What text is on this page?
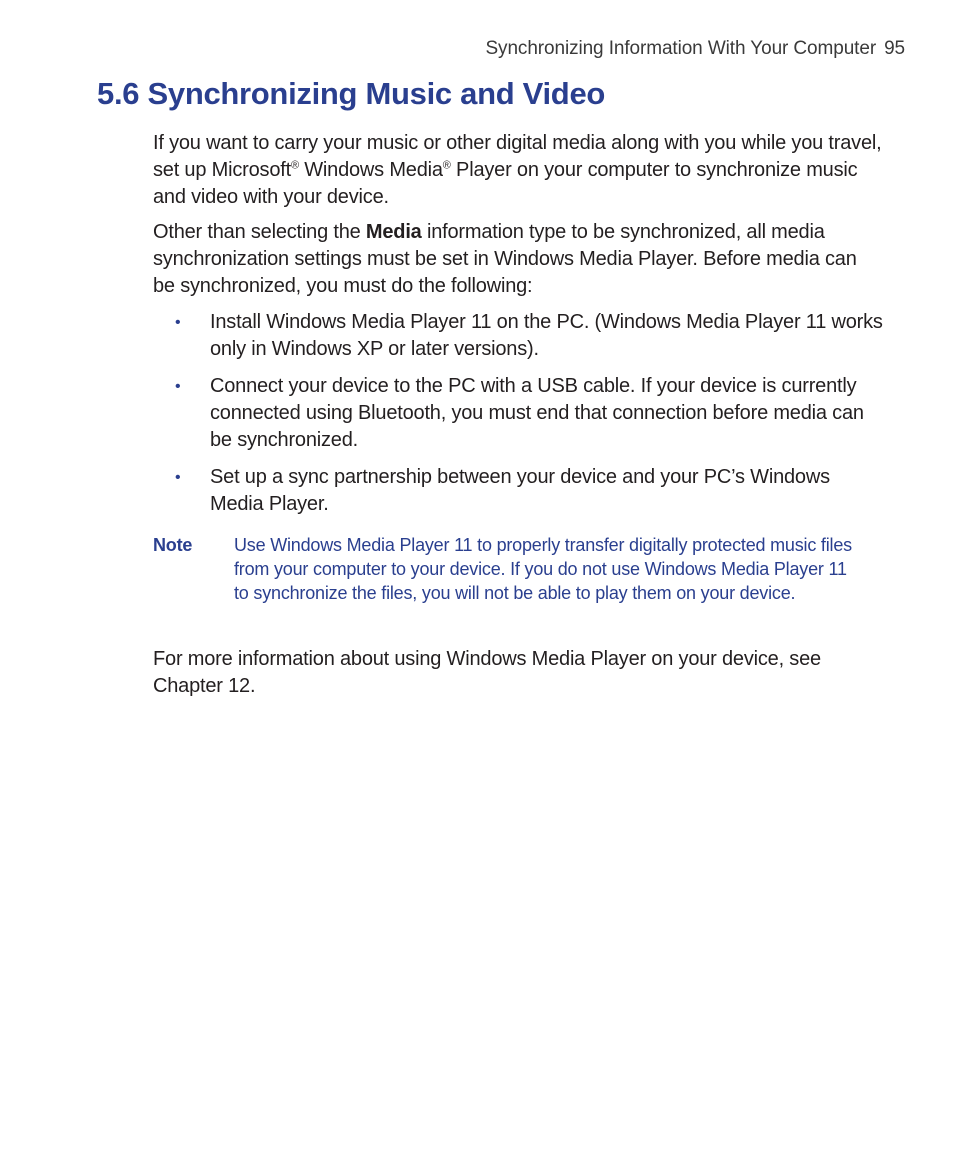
Synchronizing Information With Your Computer 95
5.6 Synchronizing Music and Video

If you want to carry your music or other digital media along with you while you travel, set up Microsoft® Windows Media® Player on your computer to synchronize music and video with your device.

Other than selecting the Media information type to be synchronized, all media synchronization settings must be set in Windows Media Player. Before media can be synchronized, you must do the following:

• Install Windows Media Player 11 on the PC. (Windows Media Player 11 works only in Windows XP or later versions).
• Connect your device to the PC with a USB cable. If your device is currently connected using Bluetooth, you must end that connection before media can be synchronized.
• Set up a sync partnership between your device and your PC’s Windows Media Player.
Note Use Windows Media Player 11 to properly transfer digitally protected music files from your computer to your device. If you do not use Windows Media Player 11 to synchronize the files, you will not be able to play them on your device.

For more information about using Windows Media Player on your device, see Chapter 12.
